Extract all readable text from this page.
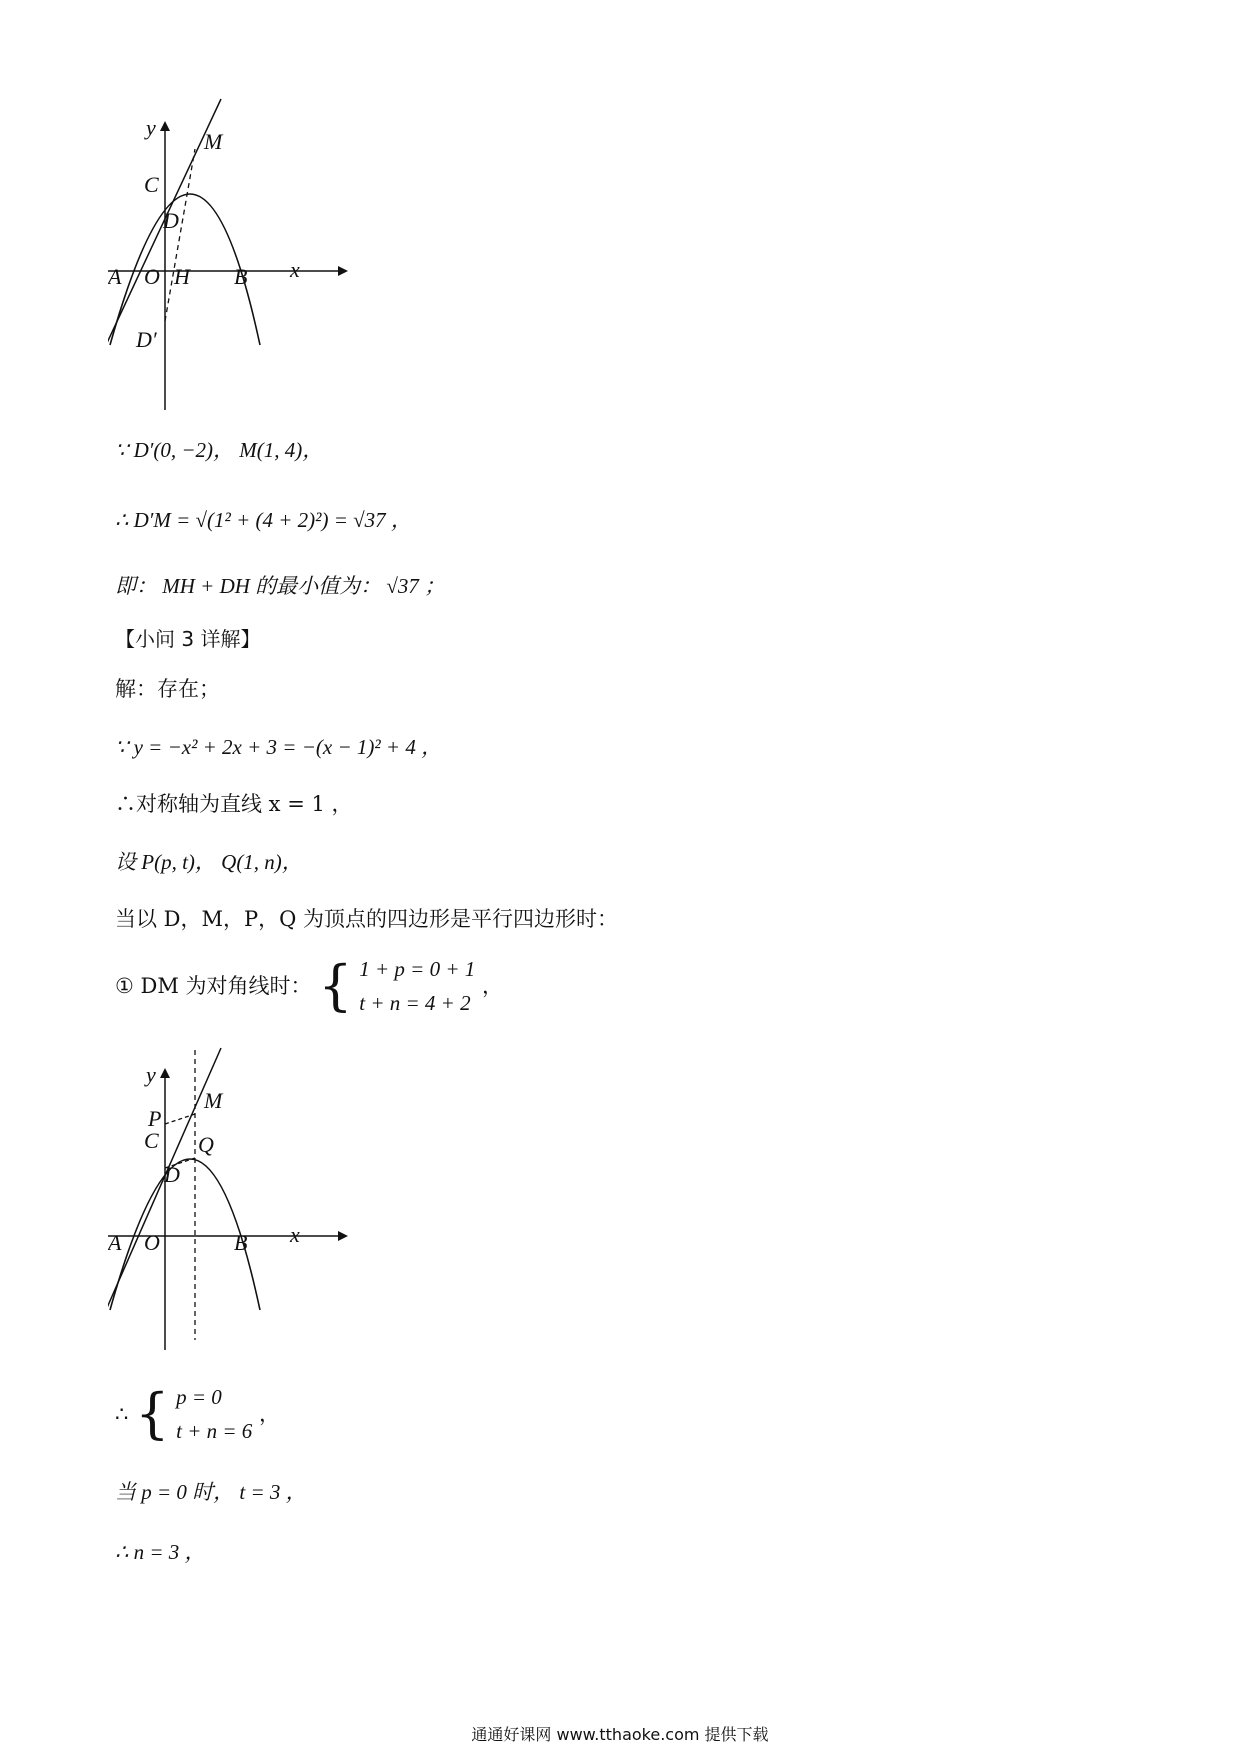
y
x
M
C
D
A O H B
D′
∵ D′(0, −2)， M(1, 4)，
∴ D′M = √(1² + (4 + 2)²) = √37 ，
即： MH + DH 的最小值为： √37 ；
【小问 3 详解】
解：存在；
∵ y = −x² + 2x + 3 = −(x − 1)² + 4 ，
∴对称轴为直线 x = 1 ，
设 P(p, t)， Q(1, n)，
当以 D，M，P，Q 为顶点的四边形是平行四边形时：
① DM 为对角线时： { 1 + p = 0 + 1
t + n = 4 + 2
，
y
x
M
P
C Q
D
A O	B
∴ { p = 0
t + n = 6
，
当 p = 0 时， t = 3 ，
∴ n = 3 ，
通通好课网 www.tthaoke.com 提供下载
